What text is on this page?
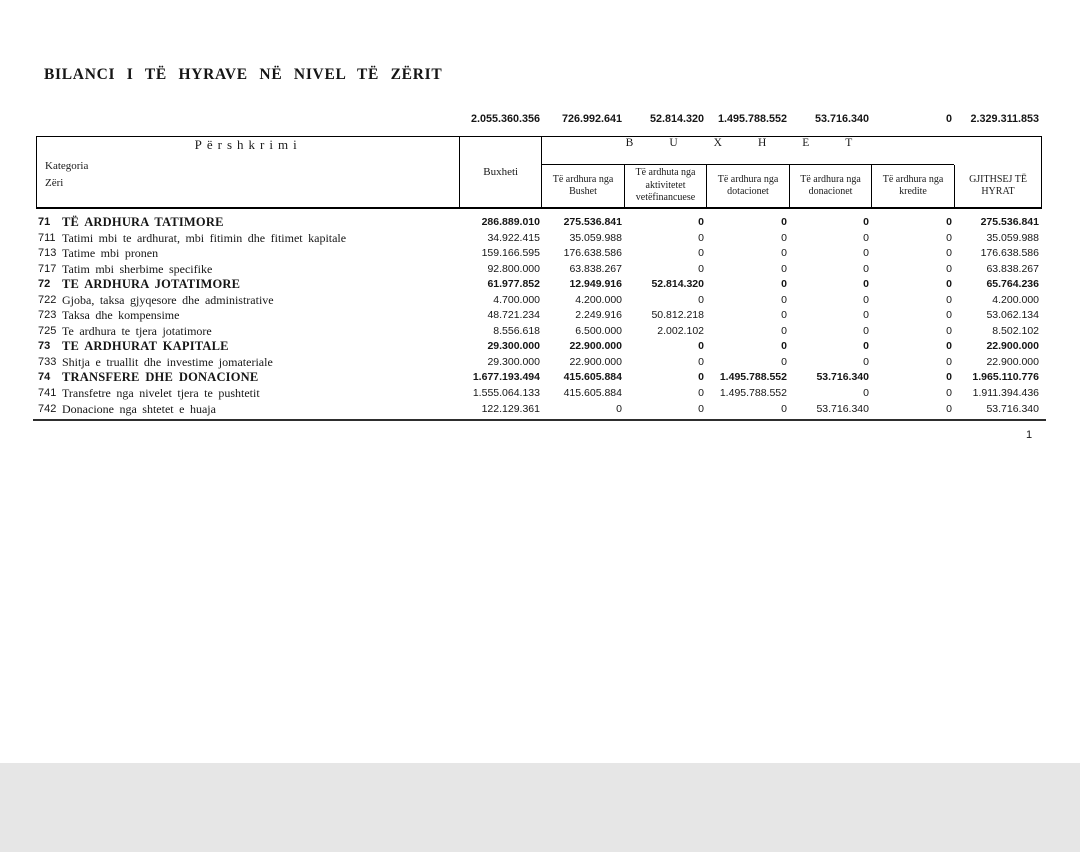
BILANCI I TË HYRAVE NË NIVEL TË ZËRIT
2.055.360.356	726.992.641	52.814.320	1.495.788.552	53.716.340	0	2.329.311.853
Kategoria
Zëri
Përshkrimi
Buxheti
BUXHET
Të ardhura nga Bushet
Të ardhuta nga aktivitetet vetëfinancuese
Të ardhura nga dotacionet
Të ardhura nga donacionet
Të ardhura nga kredite
GJITHSEJ TË HYRAT
71 TË ARDHURA TATIMORE	286.889.010	275.536.841	0	0	0	0	275.536.841
711 Tatimi mbi te ardhurat, mbi fitimin dhe fitimet kapitale	34.922.415	35.059.988	0	0	0	0	35.059.988
713 Tatime mbi pronen	159.166.595	176.638.586	0	0	0	0	176.638.586
717 Tatim mbi sherbime specifike	92.800.000	63.838.267	0	0	0	0	63.838.267
72 TE ARDHURA JOTATIMORE	61.977.852	12.949.916	52.814.320	0	0	0	65.764.236
722 Gjoba, taksa gjyqesore dhe administrative	4.700.000	4.200.000	0	0	0	0	4.200.000
723 Taksa dhe kompensime	48.721.234	2.249.916	50.812.218	0	0	0	53.062.134
725 Te ardhura te tjera jotatimore	8.556.618	6.500.000	2.002.102	0	0	0	8.502.102
73 TE ARDHURAT KAPITALE	29.300.000	22.900.000	0	0	0	0	22.900.000
733 Shitja e truallit dhe investime jomateriale	29.300.000	22.900.000	0	0	0	0	22.900.000
74 TRANSFERE DHE DONACIONE	1.677.193.494	415.605.884	0	1.495.788.552	53.716.340	0	1.965.110.776
741 Transfetre nga nivelet tjera te pushtetit	1.555.064.133	415.605.884	0	1.495.788.552	0	0	1.911.394.436
742 Donacione nga shtetet e huaja	122.129.361	0	0	0	53.716.340	0	53.716.340
1
